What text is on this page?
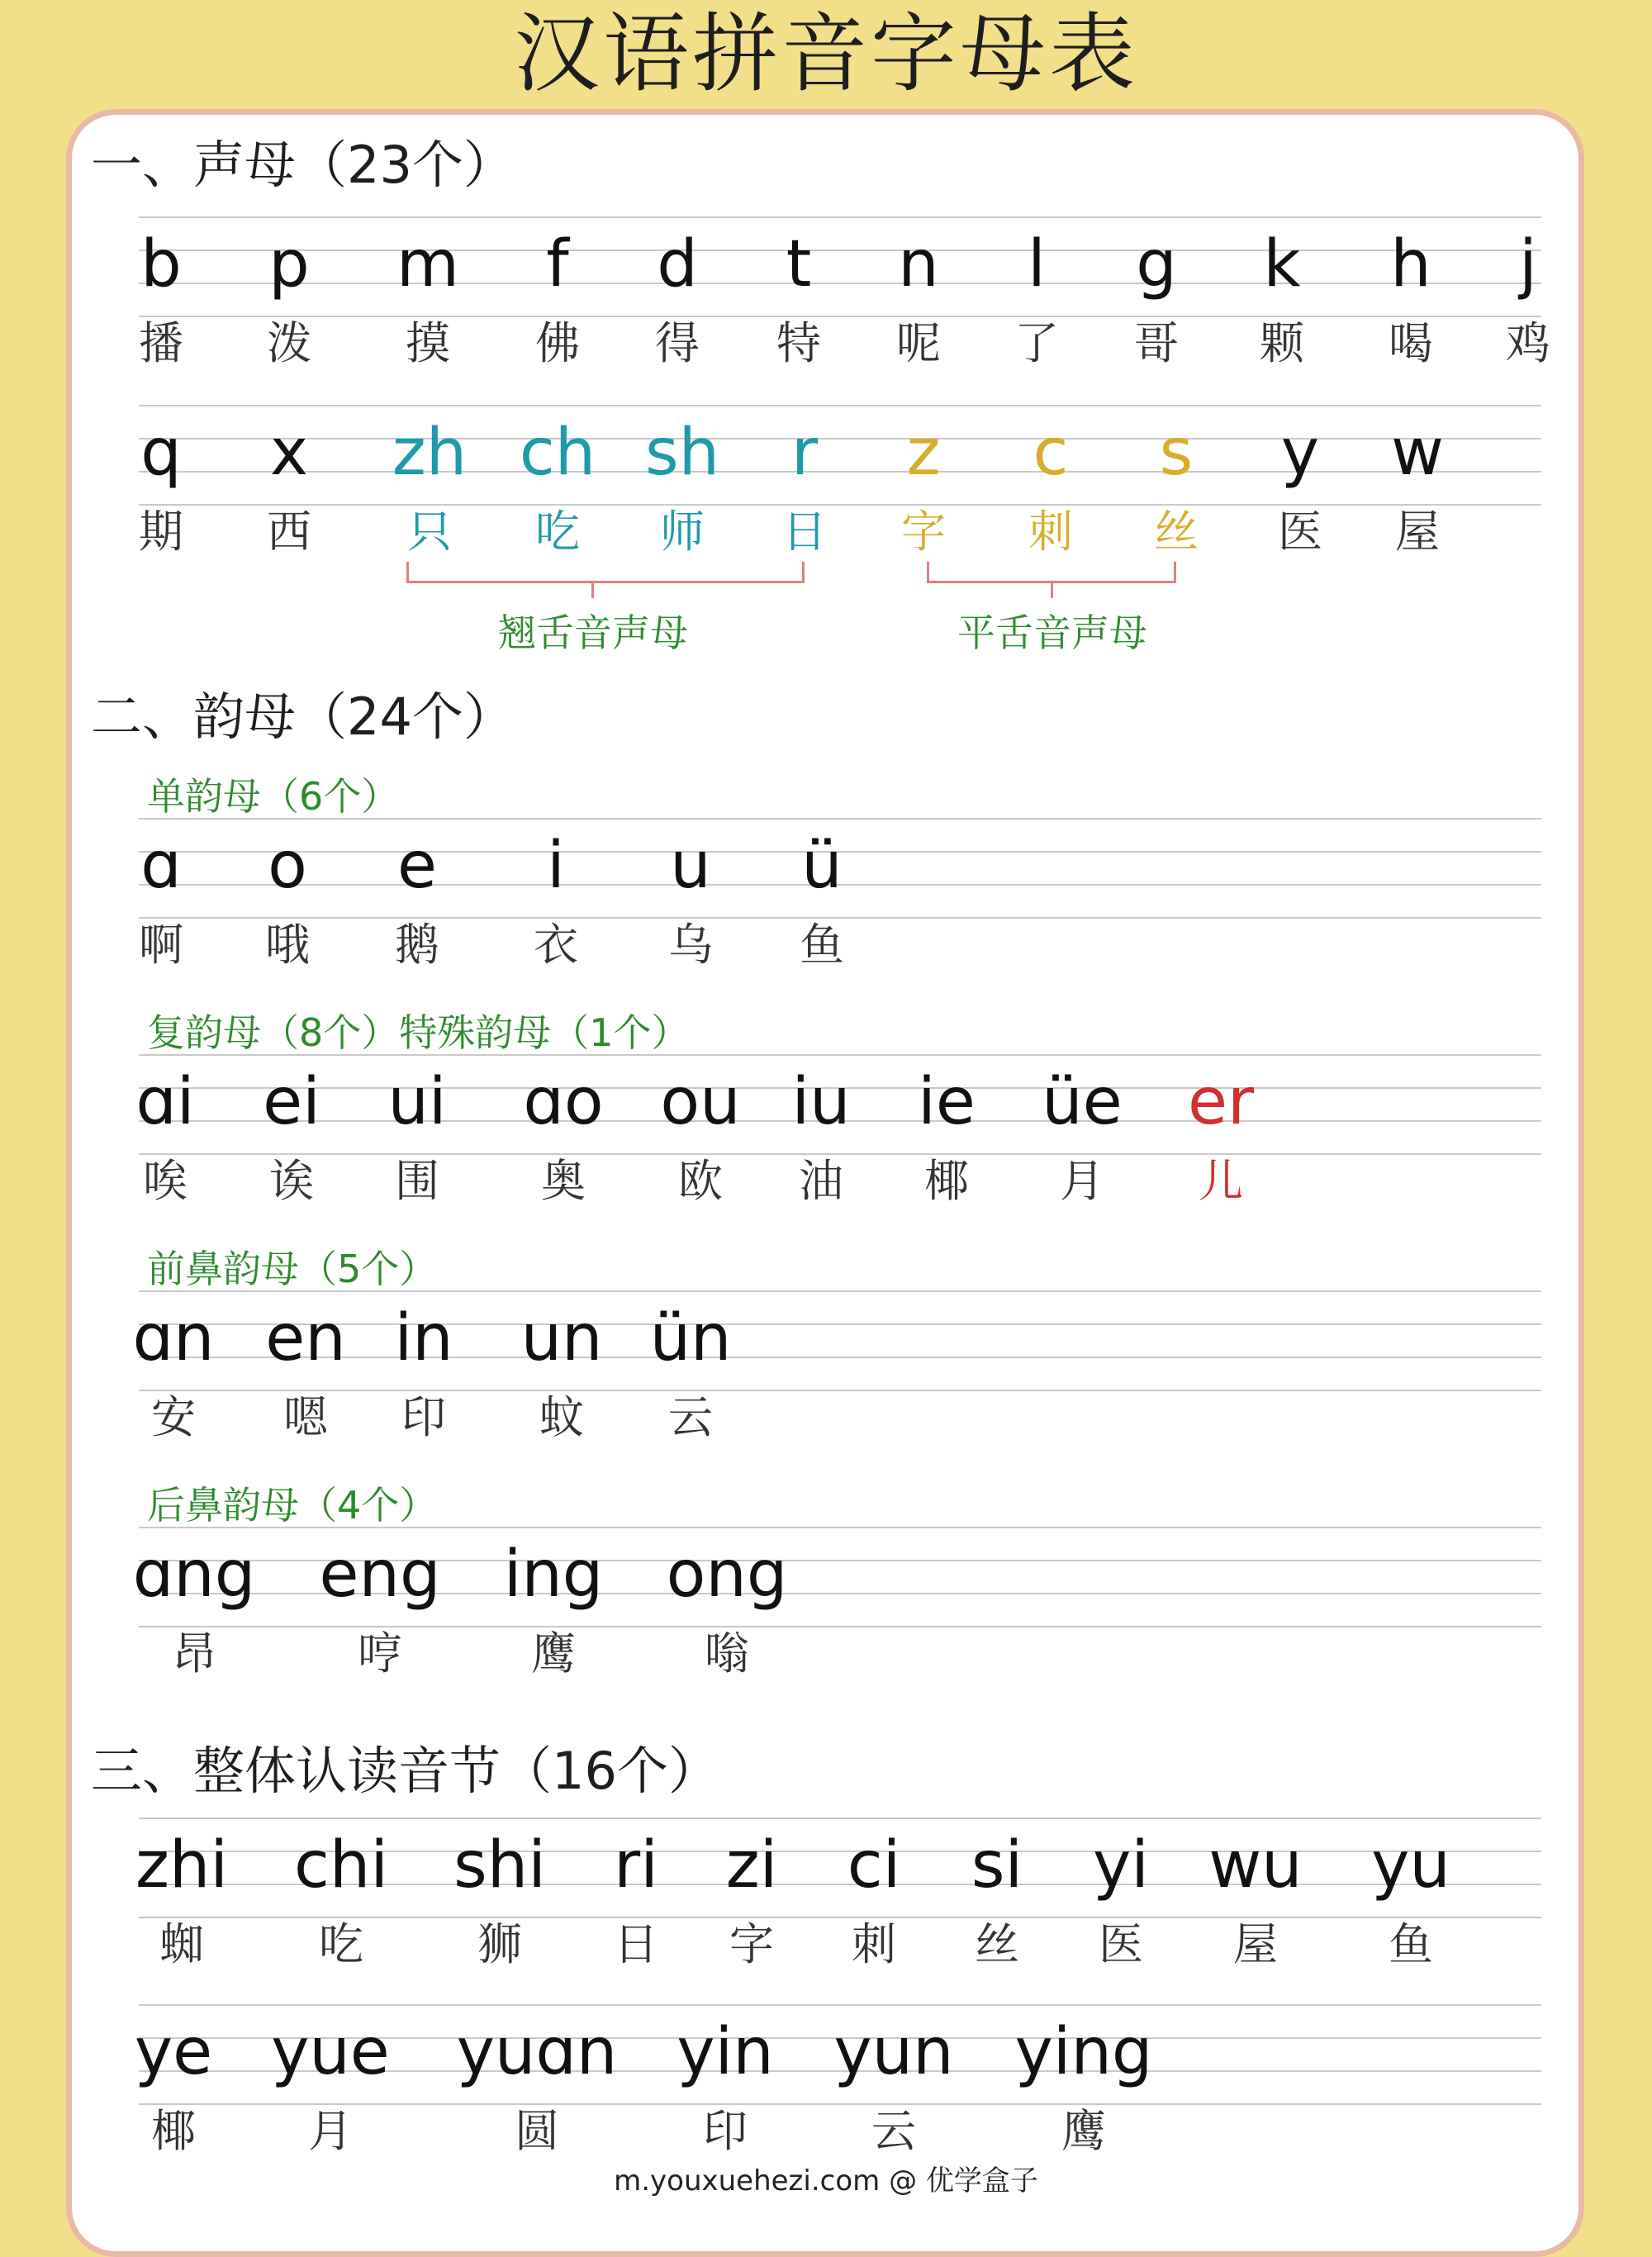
汉语拼音字母表
一、声母（23个）
二、韵母（24个）
单韵母（6个）
复韵母（8个）特殊韵母（1个）
前鼻韵母（5个）
后鼻韵母（4个）
三、整体认读音节（16个）
b
播
p
泼
m
摸
f
佛
d
得
t
特
n
呢
l
了
g
哥
k
颗
h
喝
j
鸡
q
期
x
西
zh
只
ch
吃
sh
师
r
日
z
字
c
刺
s
丝
y
医
w
屋
ɑ
啊
o
哦
e
鹅
i
衣
u
乌
ü
鱼
ɑi
唉
ei
诶
ui
围
ɑo
奥
ou
欧
iu
油
ie
椰
üe
月
er
儿
ɑn
安
en
嗯
in
印
un
蚊
ün
云
ɑng
昂
eng
哼
ing
鹰
ong
嗡
zhi
蜘
chi
吃
shi
狮
ri
日
zi
字
ci
刺
si
丝
yi
医
wu
屋
yu
鱼
ye
椰
yue
月
yuɑn
圆
yin
印
yun
云
ying
鹰
翘舌音声母	平舌音声母
m.youxuehezi.com @ 优学盒子
